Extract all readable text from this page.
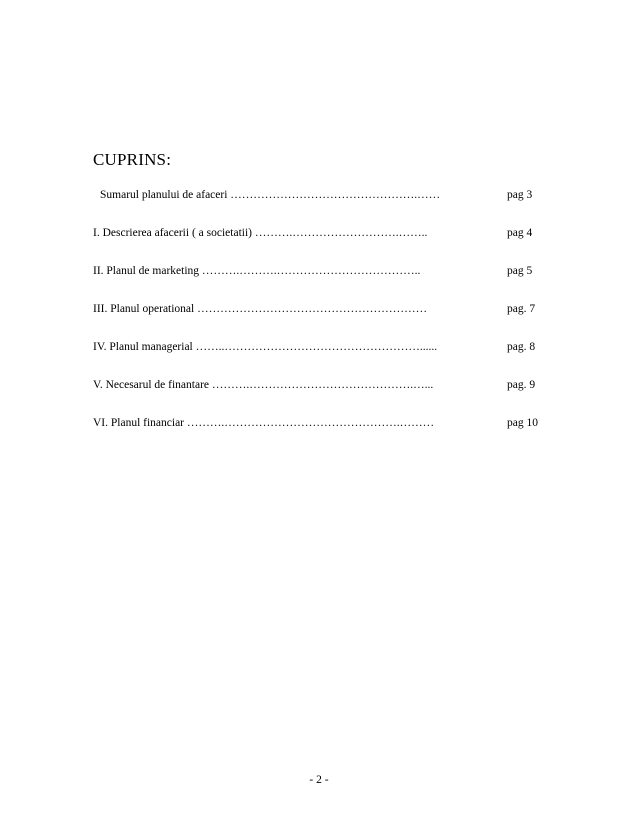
CUPRINS:
Sumarul planului de afaceri ………………………………………….……	pag 3
I. Descrierea afacerii ( a societatii) ……….……………………….……..	pag 4
II. Planul de marketing ……….……….………………………………..	pag 5
III. Planul operational ……………………………………………………	pag. 7
IV. Planul managerial ……..……………………………………………......	pag. 8
V. Necesarul de finantare ……….…………………………………….…...	pag. 9
VI. Planul financiar ……….……………………………………….………	pag 10
- 2 -
